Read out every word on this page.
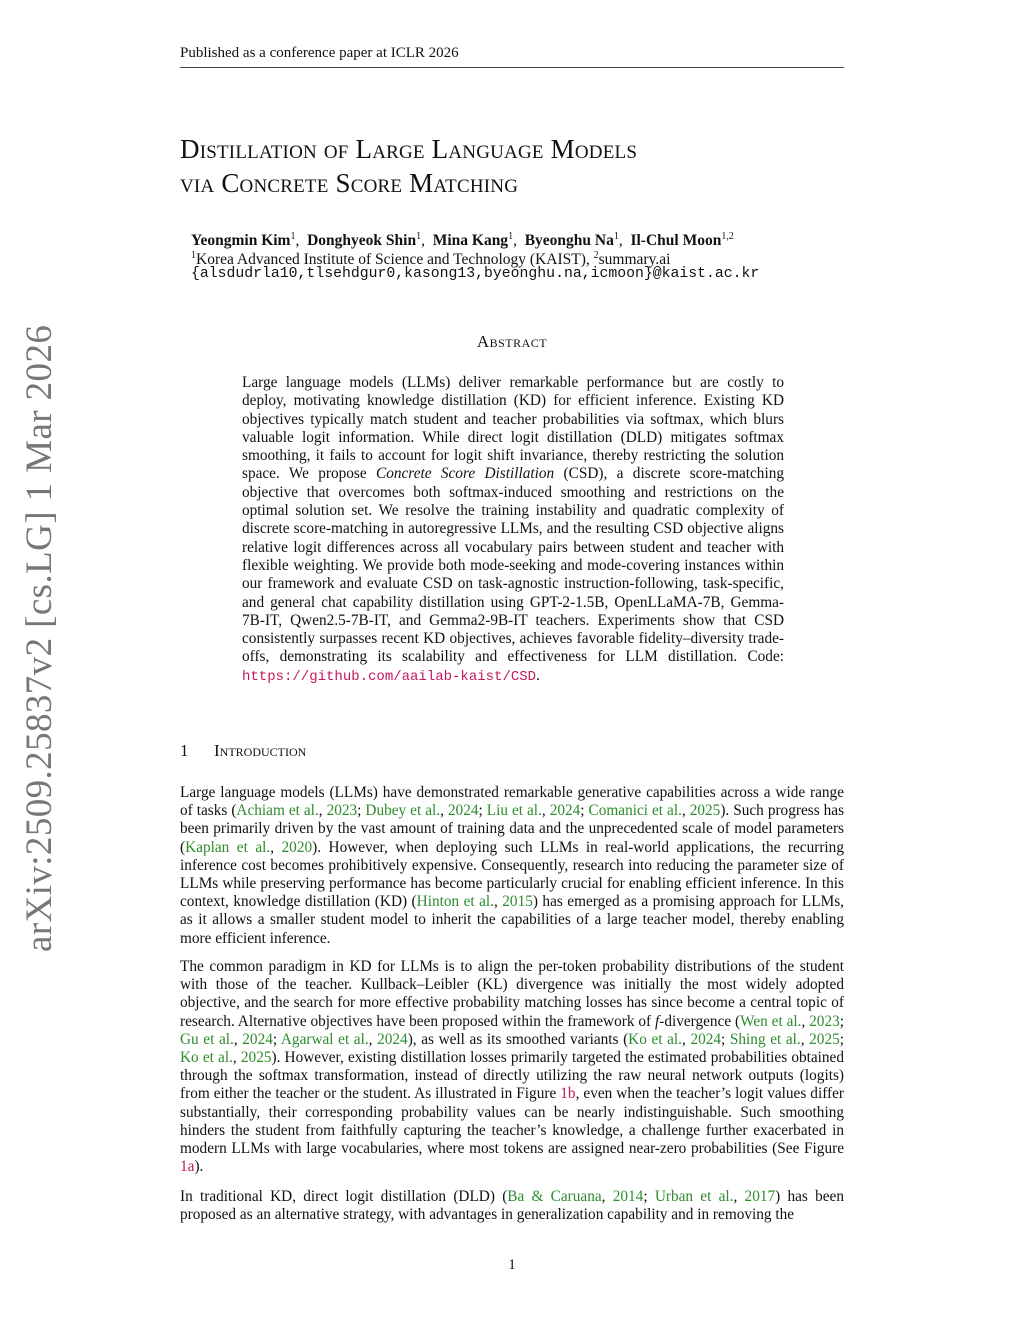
Published as a conference paper at ICLR 2026
Distillation of Large Language Models
via Concrete Score Matching
Yeongmin Kim$^1$,  Donghyeok Shin$^1$,  Mina Kang$^1$,  Byeonghu Na$^1$,  Il-Chul Moon$^{1,2}$
$^1$Korea Advanced Institute of Science and Technology (KAIST), $^2$summary.ai
{alsdudrla10,tlsehdgur0,kasong13,byeonghu.na,icmoon}@kaist.ac.kr
Abstract
Large language models (LLMs) deliver remarkable performance but are costly to deploy, motivating knowledge distillation (KD) for efficient inference. Existing KD objectives typically match student and teacher probabilities via softmax, which blurs valuable logit information. While direct logit distillation (DLD) mitigates softmax smoothing, it fails to account for logit shift invariance, thereby restricting the solution space. We propose Concrete Score Distillation (CSD), a discrete score-matching objective that overcomes both softmax-induced smoothing and restrictions on the optimal solution set. We resolve the training instability and quadratic complexity of discrete score-matching in autoregressive LLMs, and the resulting CSD objective aligns relative logit differences across all vocabulary pairs between student and teacher with flexible weighting. We provide both mode-seeking and mode-covering instances within our framework and evaluate CSD on task-agnostic instruction-following, task-specific, and general chat capability distillation using GPT-2-1.5B, OpenLLaMA-7B, Gemma-7B-IT, Qwen2.5-7B-IT, and Gemma2-9B-IT teachers. Experiments show that CSD consistently surpasses recent KD objectives, achieves favorable fidelity–diversity trade-offs, demonstrating its scalability and effectiveness for LLM distillation. Code: https://github.com/aailab-kaist/CSD.
arXiv:2509.25837v2 [cs.LG] 1 Mar 2026	1 Introduction
Large language models (LLMs) have demonstrated remarkable generative capabilities across a wide range of tasks (Achiam et al., 2023; Dubey et al., 2024; Liu et al., 2024; Comanici et al., 2025). Such progress has been primarily driven by the vast amount of training data and the unprecedented scale of model parameters (Kaplan et al., 2020). However, when deploying such LLMs in real-world applications, the recurring inference cost becomes prohibitively expensive. Consequently, research into reducing the parameter size of LLMs while preserving performance has become particularly crucial for enabling efficient inference. In this context, knowledge distillation (KD) (Hinton et al., 2015) has emerged as a promising approach for LLMs, as it allows a smaller student model to inherit the capabilities of a large teacher model, thereby enabling more efficient inference.
The common paradigm in KD for LLMs is to align the per-token probability distributions of the student with those of the teacher. Kullback–Leibler (KL) divergence was initially the most widely adopted objective, and the search for more effective probability matching losses has since become a central topic of research. Alternative objectives have been proposed within the framework of f-divergence (Wen et al., 2023; Gu et al., 2024; Agarwal et al., 2024), as well as its smoothed variants (Ko et al., 2024; Shing et al., 2025; Ko et al., 2025). However, existing distillation losses primarily targeted the estimated probabilities obtained through the softmax transformation, instead of directly utilizing the raw neural network outputs (logits) from either the teacher or the student. As illustrated in Figure 1b, even when the teacher’s logit values differ substantially, their corresponding probability values can be nearly indistinguishable. Such smoothing hinders the student from faithfully capturing the teacher’s knowledge, a challenge further exacerbated in modern LLMs with large vocabularies, where most tokens are assigned near-zero probabilities (See Figure 1a).
In traditional KD, direct logit distillation (DLD) (Ba & Caruana, 2014; Urban et al., 2017) has been proposed as an alternative strategy, with advantages in generalization capability and in removing the
1
